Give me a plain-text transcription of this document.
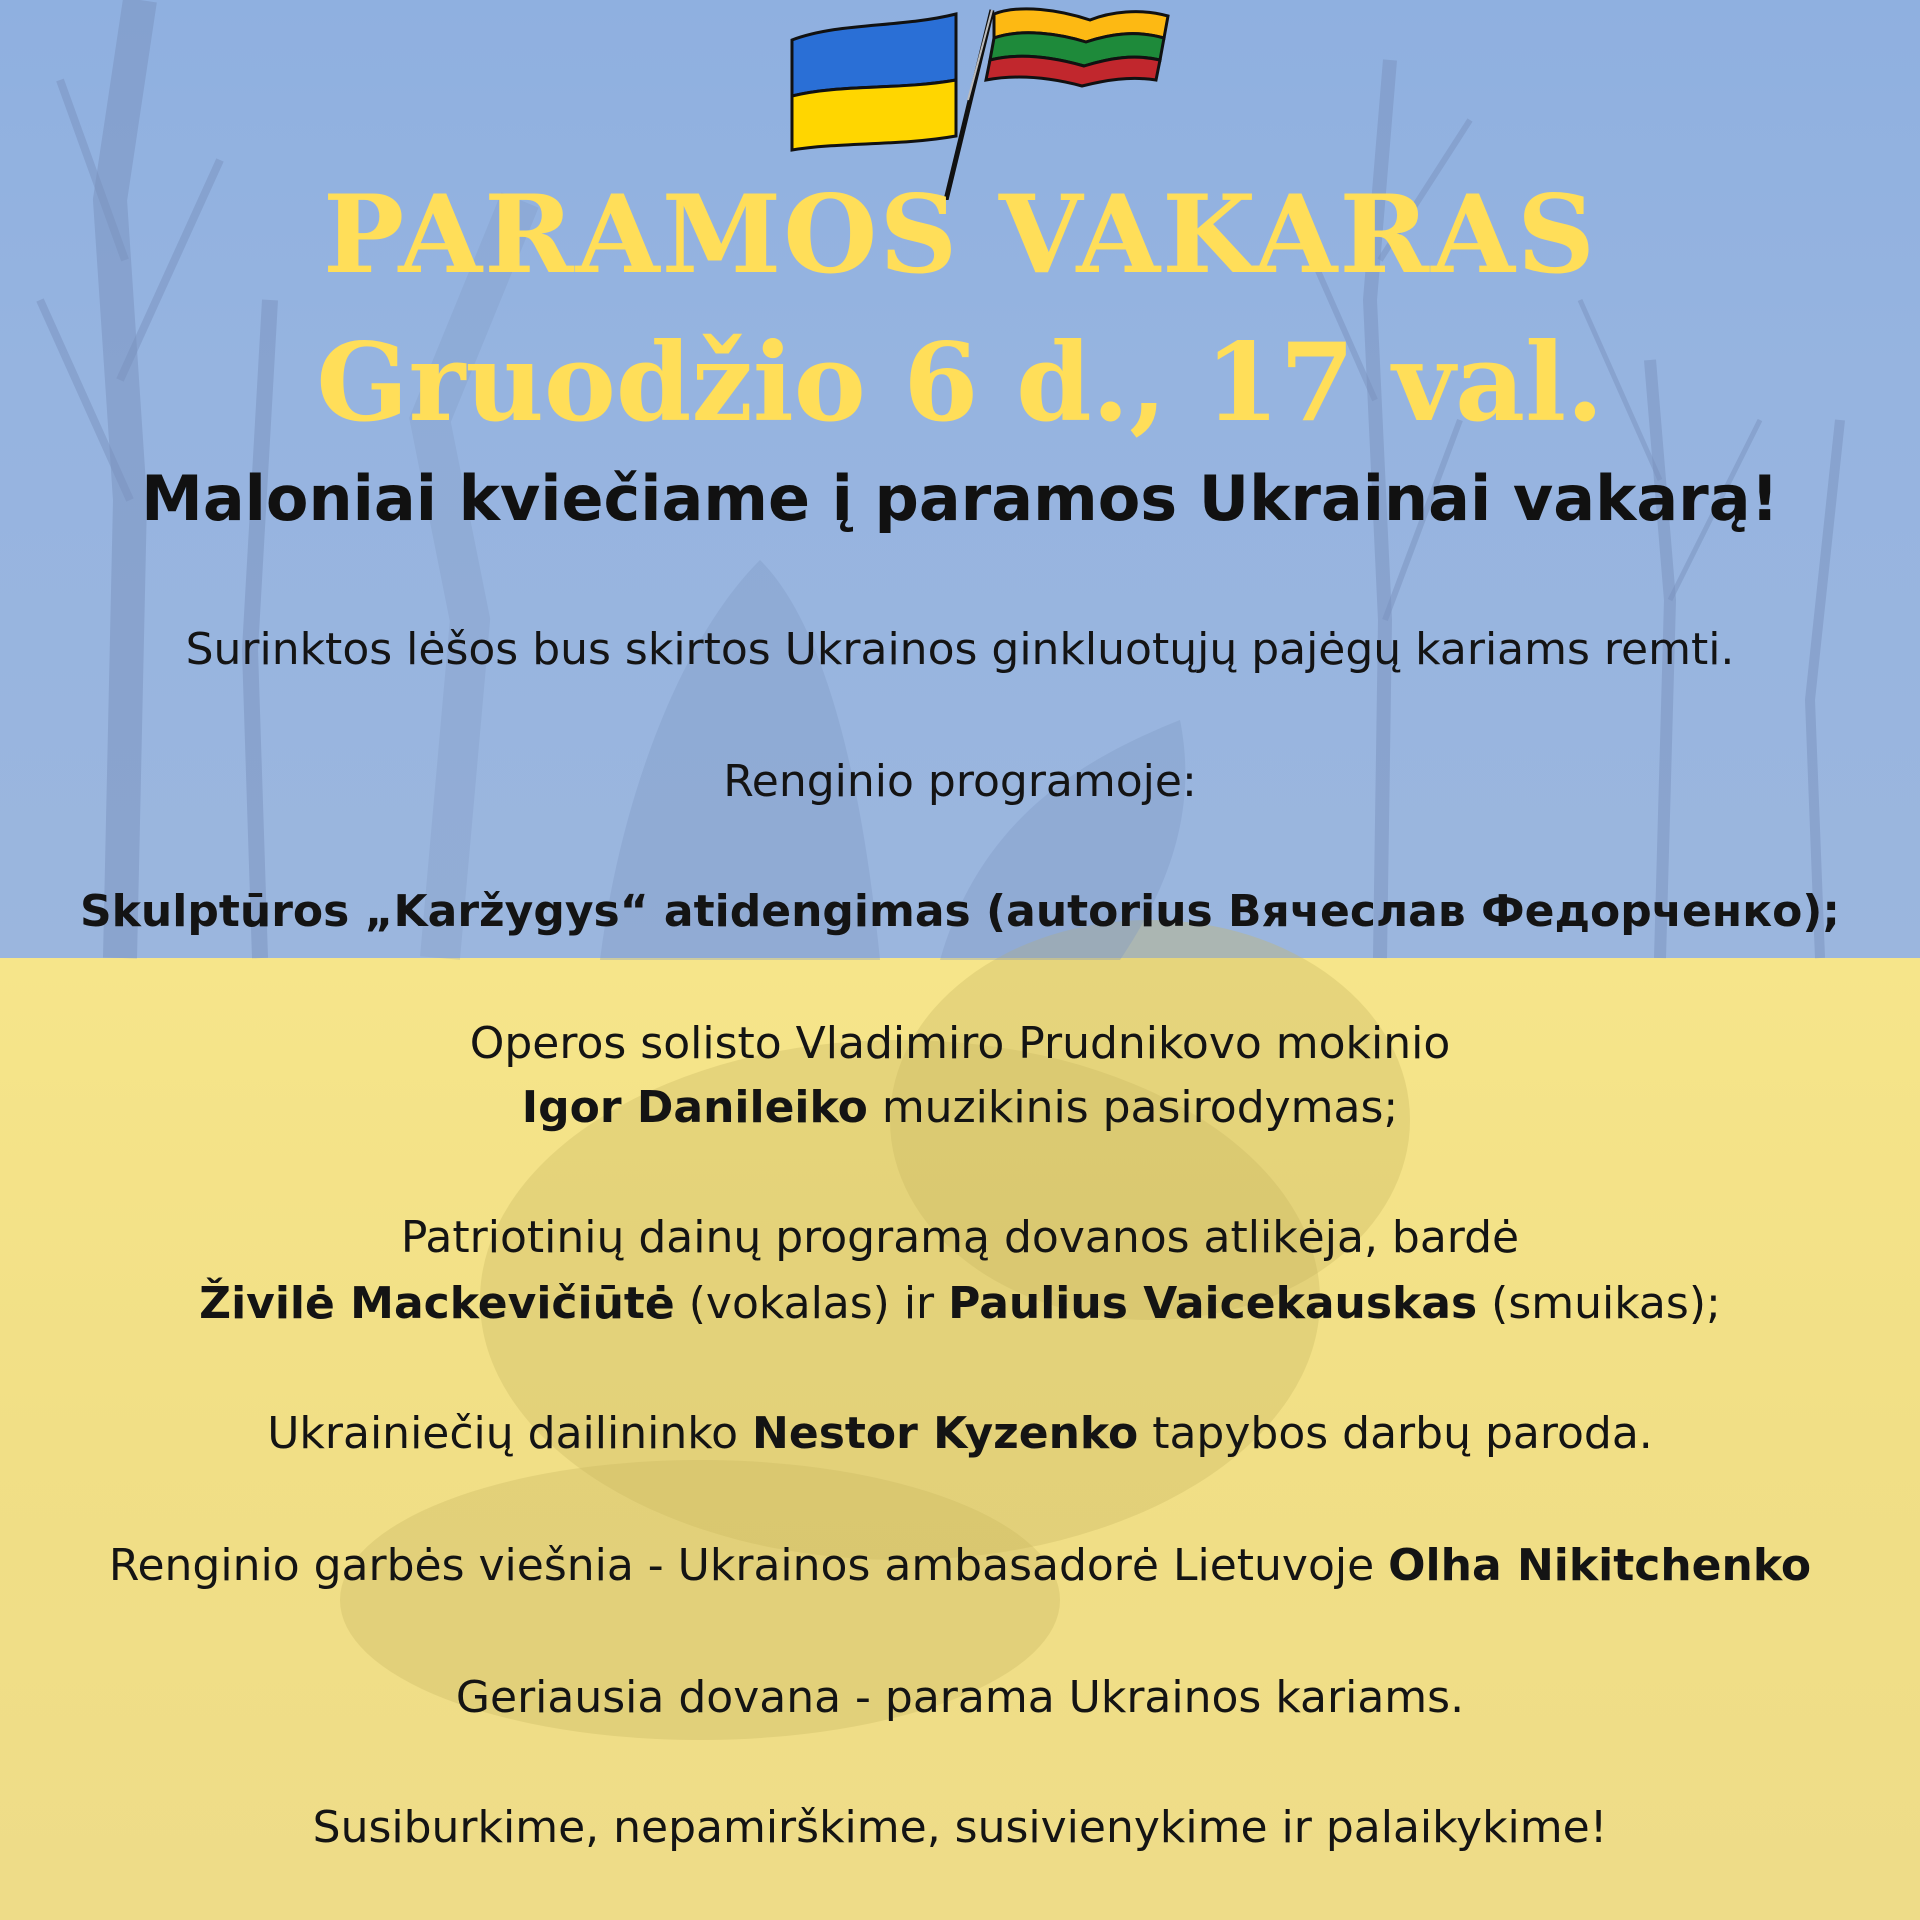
PARAMOS VAKARAS
Gruodžio 6 d., 17 val.
Maloniai kviečiame į paramos Ukrainai vakarą!
Surinktos lėšos bus skirtos Ukrainos ginkluotųjų pajėgų kariams remti.
Renginio programoje:
Skulptūros „Karžygys“ atidengimas (autorius Вячеслав Федорченко);
Operos solisto Vladimiro Prudnikovo mokinio
Igor Danileiko muzikinis pasirodymas;
Patriotinių dainų programą dovanos atlikėja, bardė
Živilė Mackevičiūtė (vokalas) ir Paulius Vaicekauskas (smuikas);
Ukrainiečių dailininko Nestor Kyzenko tapybos darbų paroda.
Renginio garbės viešnia - Ukrainos ambasadorė Lietuvoje Olha Nikitchenko
Geriausia dovana - parama Ukrainos kariams.
Susiburkime, nepamirškime, susivienykime ir palaikykime!
